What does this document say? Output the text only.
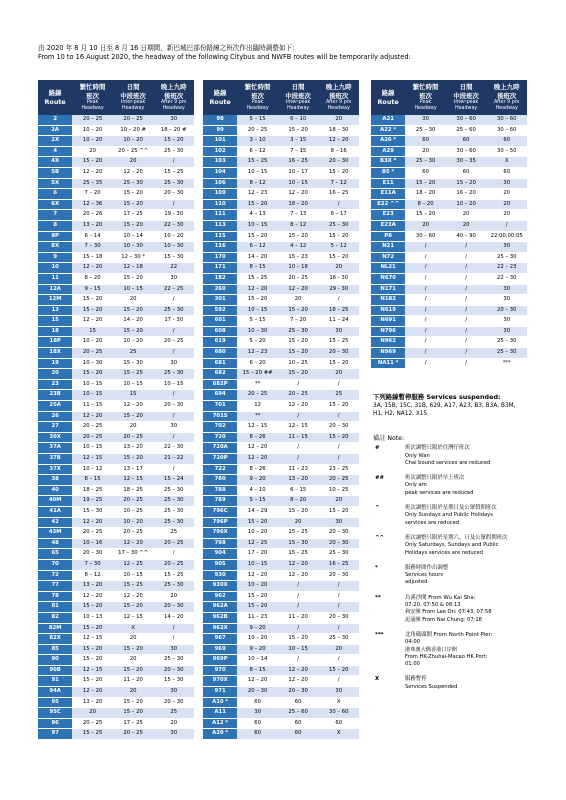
由 2020 年 8 月 10 日至 8 月 16 日期間，新巴城巴部份路線之班次作出臨時調整如下：
From 10 to 16 August 2020, the headway of the following Citybus and NWFB routes will be temporarily adjusted:
路線
Route	繁忙時間
班次
Peak
Headway	日間
中段班次
Inter-peak
Headway	晚上九時
後班次
After 9 pm
Headway

2	20 – 25	20 – 25	30
2A	10 – 20	10 – 20 #	18 – 20 #
2X	10 – 20	10 – 20	15 – 20
4	20	20 – 25 ^^	25 – 30
4X	15 – 20	20	/
5B	12 – 20	12 – 20	15 – 25
5X	25 – 35	25 – 30	25 – 30
6	7 – 20	15 – 20	20 – 30
6X	12 – 36	15 – 20	/
7	20 – 26	17 – 25	19 - 30
8	13 – 20	15 – 20	22 – 30
8P	6 – 14	10 – 14	10 – 20
8X	7 – 30	10 – 30	10 – 30
9	15 – 18	12 – 30 *	15 – 30
10	12 – 20	12 – 18	22
11	8 – 20	15 – 20	30
12A	9 – 15	10 – 15	22 – 25
12M	15 – 20	20	/
13	15 – 20	15 – 20	25 – 30
15	12 – 20	14 – 20	17 - 30
18	15	15 – 20	/
18P	10 – 20	10 – 20	20 – 25
18X	20 – 25	25	/
19	10 – 30	15 – 30	30
20	15 – 20	15 – 25	25 – 30
23	10 – 15	10 – 15	10 – 15
23B	10 – 15	15	/
25A	11 – 15	12 – 20	20 – 30
26	12 – 20	15 – 20	/
27	20 – 25	20	30
30X	20 – 25	20 – 25	/
37A	10 – 15	13 – 20	22 – 30
37B	12 – 15	15 – 20	21 – 22
37X	10 – 12	13 – 17	/
38	8 – 15	12 – 15	15 – 24
40	18 – 25	18 – 25	25 – 30
40M	19 – 25	20 – 25	25 – 30
41A	15 – 30	10 – 25	25 – 30
42	12 – 20	10 – 20	25 – 30
43M	20 – 25	20 – 25	25
48	10 – 16	12 – 20	20 – 25
65	20 – 30	17 – 30 ^^	/
70	7 – 30	12 – 25	20 – 25
72	8 – 12	10 – 15	15 – 25
77	13 – 20	15 – 25	25 – 30
78	12 – 20	12 – 20	20
81	15 – 20	15 – 20	20 – 30
82	10 – 13	12 – 15	14 – 20
82M	15 – 20	X	/
82X	12 – 15	20	/
85	15 – 20	15 – 20	30
90	15 – 20	20	25 – 30
90B	12 – 15	15 – 20	20 – 30
91	15 – 20	11 – 20	15 – 30
94A	12 – 20	20	30
95	13 – 20	15 – 20	20 – 30
95C	20	15 – 20	25
96	20 – 25	17 – 25	20
97	15 – 25	20 – 25	30
路線
Route	繁忙時間
班次
Peak
Headway	日間
中段班次
Inter-peak
Headway	晚上九時
後班次
After 9 pm
Headway

98	5 – 15	6 – 10	20
99	20 – 25	15 – 20	18 – 30
101	3 – 10	3 – 15	12 – 20
102	6 – 12	7 – 15	8 – 16
103	15 – 25	16 – 25	20 – 30
104	10 – 15	10 – 17	15 – 20
106	8 – 12	10 – 15	7 – 12
109	12 – 23	12 – 20	16 – 25
110	15 – 20	18 – 20	/
111	4 – 13	7 – 13	6 – 17
113	10 – 15	8 – 12	25 – 30
115	15 – 20	15 – 20	15 – 20
116	6 – 12	4 – 12	5 – 12
170	14 – 20	15 – 23	15 – 20
171	8 – 15	10 – 18	20
182	15 – 25	20 – 25	16 - 30
260	12 – 20	12 – 20	29 - 30
301	15 – 20	20	/
592	10 – 15	15 – 20	18 – 25
601	5 – 15	7 – 20	11 – 24
608	10 – 30	25 – 30	30
619	5 – 20	15 – 20	15 – 25
680	12 – 23	15 – 20	20 – 30
681	6 – 20	10 – 25	15 – 20
682	15 – 20 ##	15 – 20	20
682P	**	/	/
694	20 – 25	20 – 25	25
701	12	12 – 20	15 – 20
701S	**	/	/
702	12 – 15	12 – 15	20 – 30
720	8 – 26	11 – 15	15 – 20
720A	12 – 20	/	/
720P	12 – 20	/	/
722	8 – 26	11 – 23	23 – 25
780	9 – 20	13 – 20	20 – 25
788	4 – 10	6 – 15	10 – 25
789	5 – 15	8 – 20	20
796C	14 – 29	15 – 20	15 – 20
796P	15 – 20	20	30
796X	10 – 20	15 – 25	20 – 30
798	12 – 25	15 – 30	20 – 30
904	17 – 20	15 – 25	25 – 30
905	10 – 15	12 – 20	16 – 25
930	12 – 20	12 – 20	20 – 30
930X	10 – 20	/	/
962	15 – 20	/	/
962A	15 – 20	/	/
962B	11 – 23	11 – 20	20 – 30
962X	9 – 20	/	/
967	10 – 20	15 – 20	25 – 30
969	9 – 20	10 – 15	20
969P	10 – 14	/	/
970	8 – 15	12 – 20	15 – 20
970X	12 – 20	12 – 20	/
971	20 – 30	20 – 30	30
A10 *	60	60	X
A11	30	25 – 60	30 – 60
A12 *	60	60	60
A20 *	60	60	X
路線
Route	繁忙時間
班次
Peak
Headway	日間
中段班次
Inter-peak
Headway	晚上九時
後班次
After 9 pm
Headway

A21	30	30 – 60	30 – 60
A22 *	25 – 30	25 – 60	30 – 60
A26 *	60	60	60
A29	20	30 – 60	30 – 50
B3X *	25 – 30	30 – 35	X
B5 *	60	60	60
E11	15 – 20	15 – 20	30
E11A	18 – 20	16 – 20	20
E22 ^^	8 – 20	10 – 20	20
E23	15 – 20	20	20
E23A	20	20	/
P8	30 – 60	40 – 90	22:00,00:05
N21	/	/	30
N72	/	/	25 – 30
NL21	/	/	22 – 23
N670	/	/	22 – 30
N171	/	/	30
N182	/	/	30
N619	/	/	20 – 30
N691	/	/	30
N796	/	/	30
N962	/	/	25 – 30
N969	/	/	25 – 30
NA11 *	/	/	***
下列路線暫停服務 Services suspended:
3A, 15B, 15C, 31B, 629, A17, A23, B3, B3A, B3M,
H1, H2, NA12, X15
備註 Note:
#	班次調整只限於往灣仔班次
Only Wan
Chai bound services are reduced
##	班次調整只限於早上班次
Only am
peak services are reduced
^	班次調整只限於星期日及公眾假期班次
Only Sundays and Public Holidays
services are reduced
^^	班次調整只限於星期六、日及公眾假期班次
Only Saturdays, Sundays and Public
Holidays services are reduced
*	服務時間作出調整
Services hours
adjusted
**	烏溪沙開 From Wu Kai Sha:
07:20, 07:50 & 08:13
利安開 From Lee On: 07:43, 07:58
泥涌開 From Nai Chung: 07:18
***	北角碼頭開 From North Point Pier:
04:00
港珠澳大橋香港口岸開
From HK-Zhuhai-Macao HK Port:
01:00
X	服務暫停
Services Suspended
